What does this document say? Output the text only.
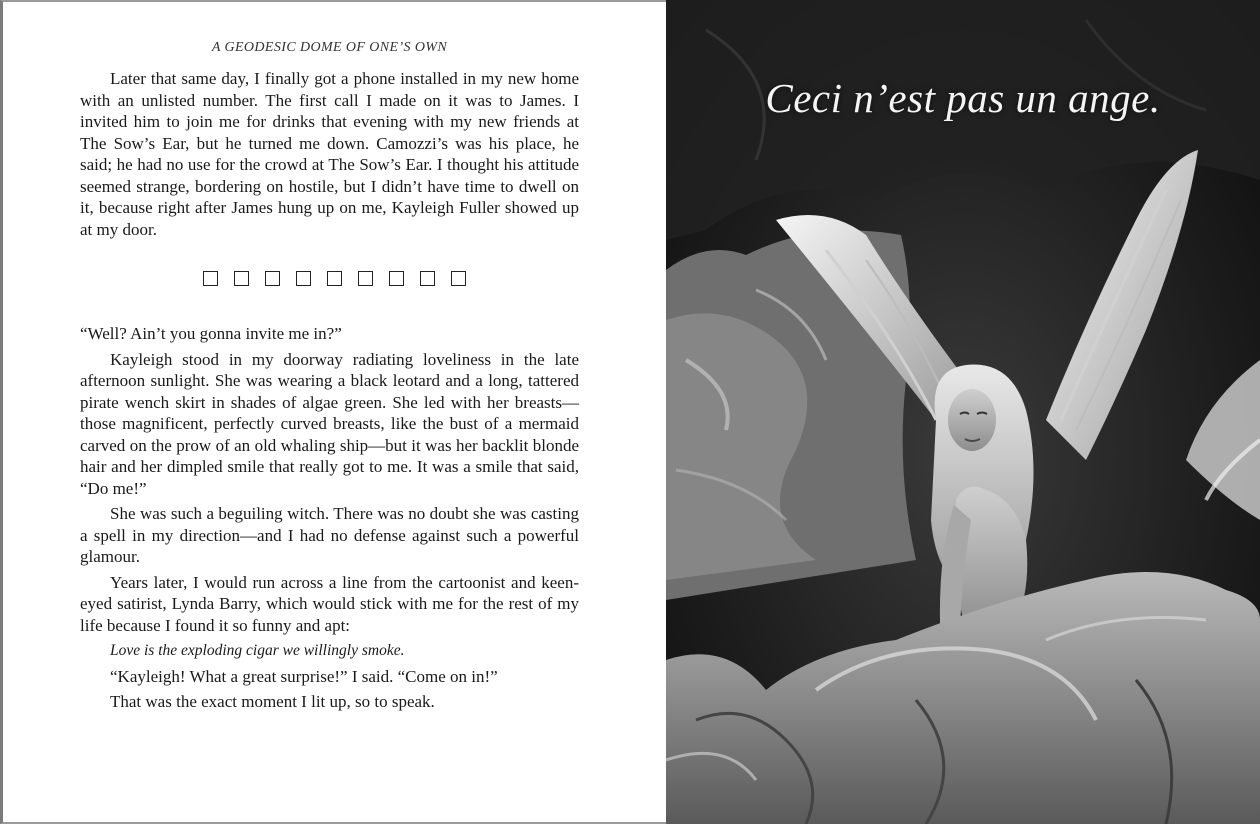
A GEODESIC DOME OF ONE’S OWN

Later that same day, I finally got a phone installed in my new home with an unlisted number. The first call I made on it was to James. I invited him to join me for drinks that evening with my new friends at The Sow’s Ear, but he turned me down. Camozzi’s was his place, he said; he had no use for the crowd at The Sow’s Ear. I thought his attitude seemed strange, bordering on hostile, but I didn’t have time to dwell on it, because right after James hung up on me, Kayleigh Fuller showed up at my door.

“Well? Ain’t you gonna invite me in?”

Kayleigh stood in my doorway radiating loveliness in the late afternoon sunlight. She was wearing a black leotard and a long, tattered pirate wench skirt in shades of algae green. She led with her breasts—those magnificent, perfectly curved breasts, like the bust of a mermaid carved on the prow of an old whaling ship—but it was her backlit blonde hair and her dimpled smile that really got to me. It was a smile that said, “Do me!”

She was such a beguiling witch. There was no doubt she was casting a spell in my direction—and I had no defense against such a powerful glamour.

Years later, I would run across a line from the cartoonist and keen-eyed satirist, Lynda Barry, which would stick with me for the rest of my life because I found it so funny and apt:

Love is the exploding cigar we willingly smoke.

“Kayleigh! What a great surprise!” I said. “Come on in!”

That was the exact moment I lit up, so to speak.

Ceci n’est pas un ange.
